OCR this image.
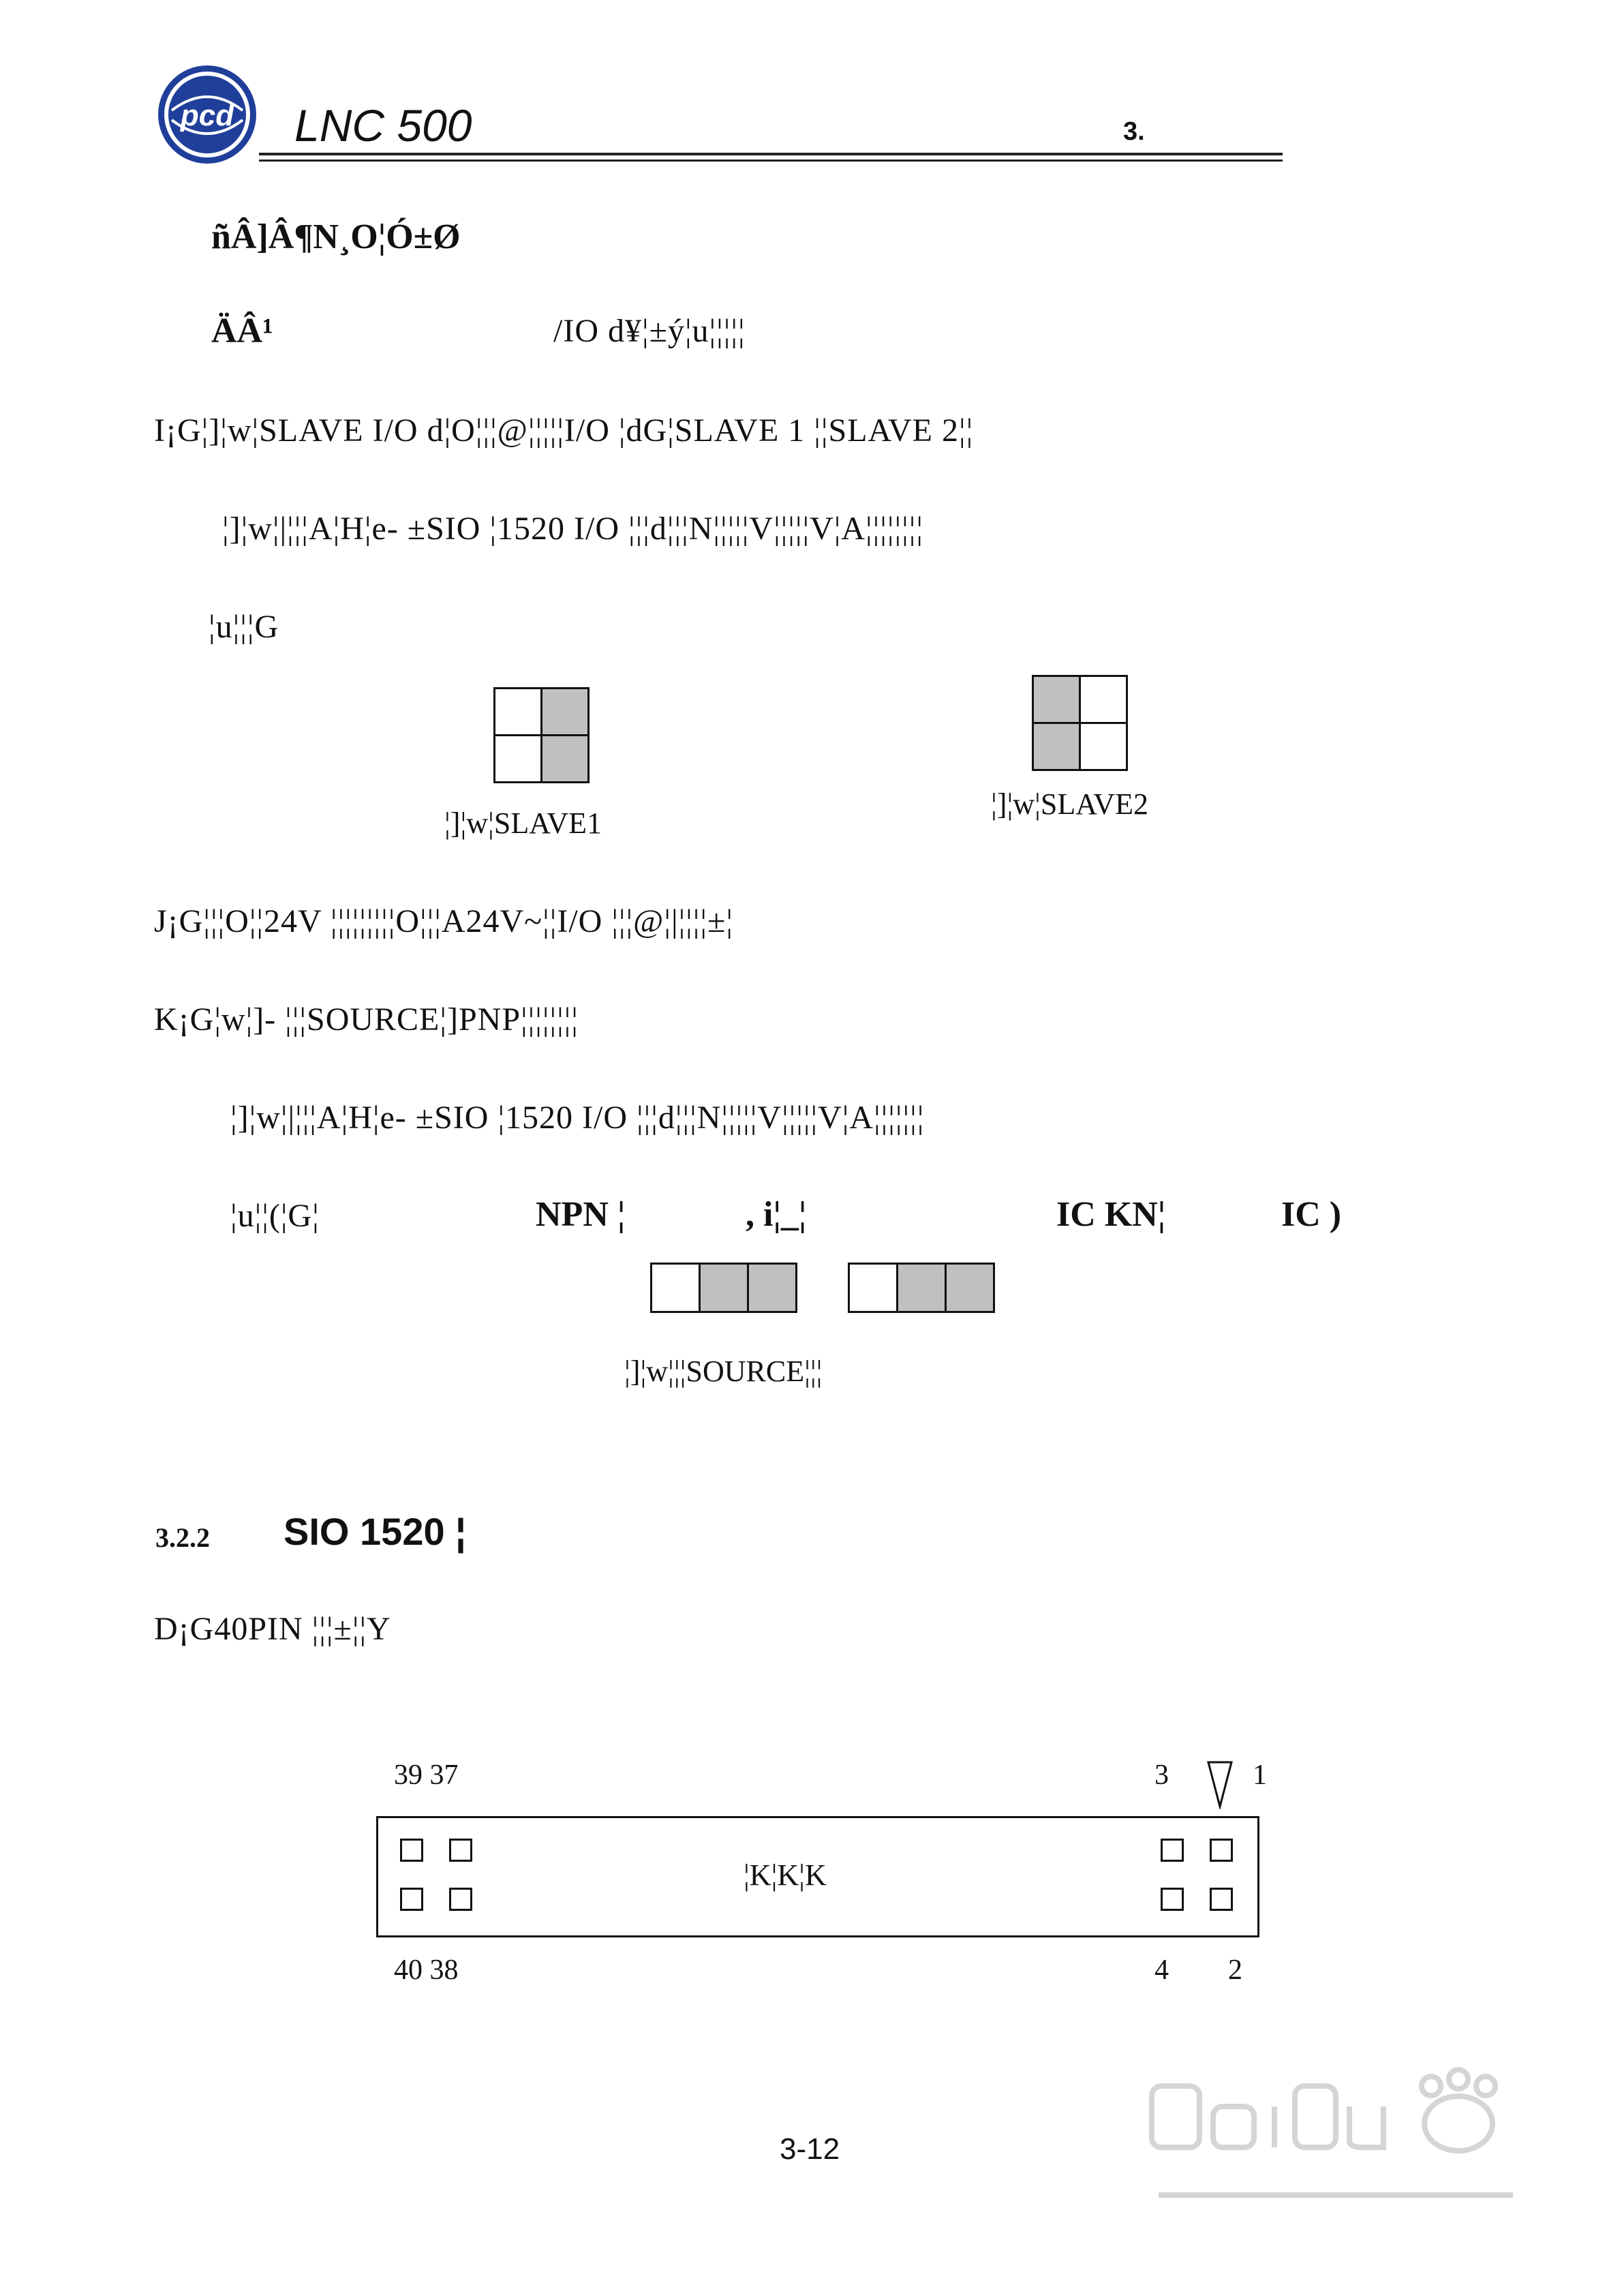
pcd LNC 500	3.
ñÂ]Â¶N¸O¦Ó±Ø
ÄÂ¹	/IO d¥¦±ý¦u¦¦¦¦¦
I¡G¦]¦w¦SLAVE I/O d¦O¦¦¦@¦¦¦¦¦I/O ¦dG¦SLAVE 1 ¦¦SLAVE 2¦¦
¦]¦w¦|¦¦¦A¦H¦e- ±SIO ¦1520 I/O ¦¦¦d¦¦¦N¦¦¦¦¦V¦¦¦¦¦V¦A¦¦¦¦¦¦¦¦
¦u¦¦¦G
¦]¦w¦SLAVE1
¦]¦w¦SLAVE2
J¡G¦¦¦O¦¦24V ¦¦¦¦¦¦¦¦¦O¦¦¦A24V~¦¦I/O ¦¦¦@¦|¦¦¦¦±¦
K¡G¦w¦]- ¦¦¦SOURCE¦]PNP¦¦¦¦¦¦¦¦
¦]¦w¦|¦¦¦A¦H¦e- ±SIO ¦1520 I/O ¦¦¦d¦¦¦N¦¦¦¦¦V¦¦¦¦¦V¦A¦¦¦¦¦¦¦
¦u¦¦(¦G¦	NPN ¦	, i¦_¦	IC KN¦	IC )
¦]¦w¦¦¦SOURCE¦¦¦
3.2.2 SIO 1520 ¦
D¡G40PIN ¦¦¦±¦¦Y
39 37	3	1
¦K¦K¦K
40 38	4 2
3-12
